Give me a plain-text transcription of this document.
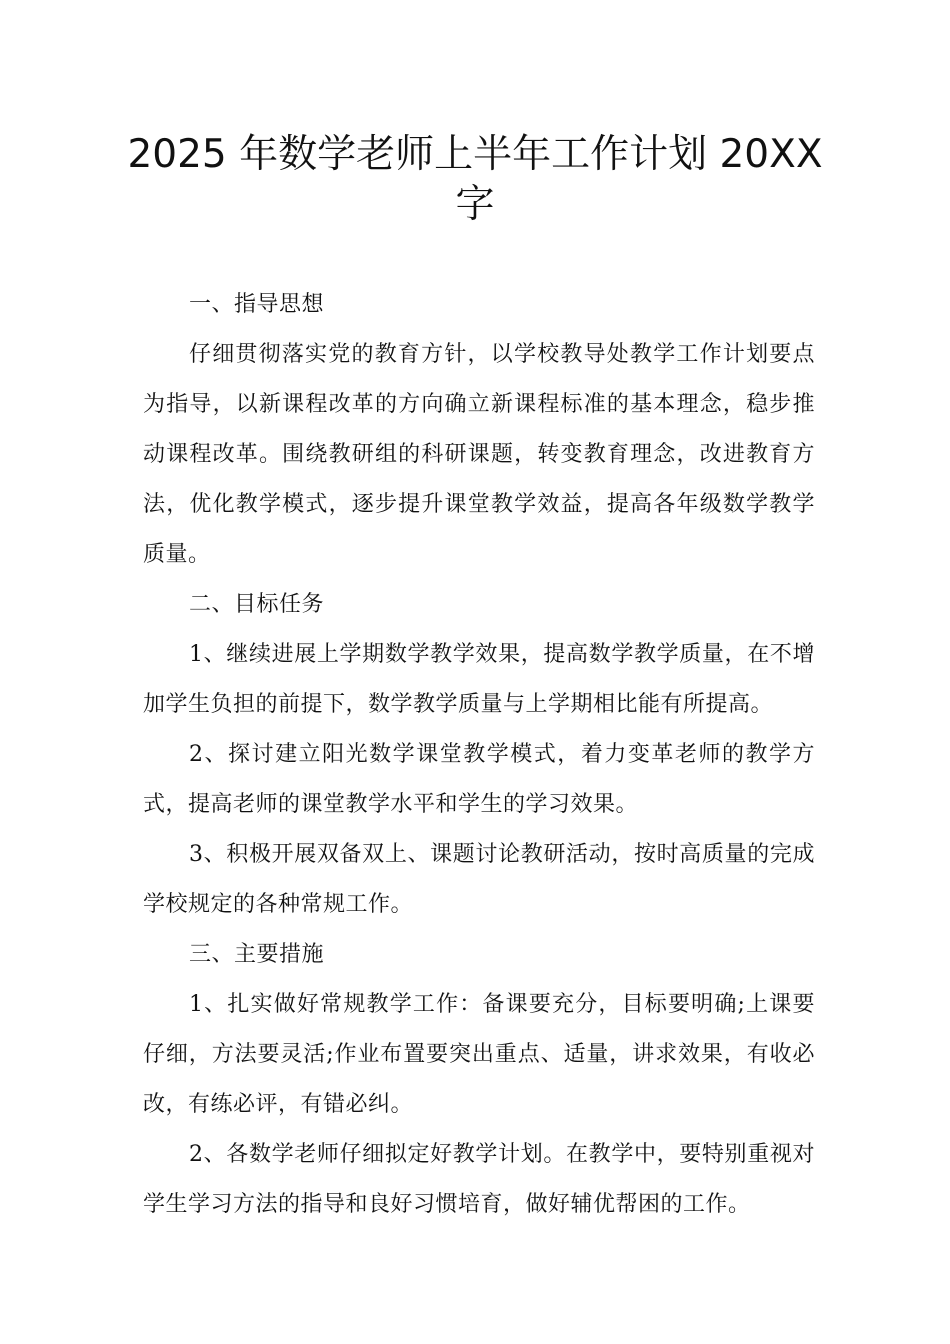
2025 年数学老师上半年工作计划 20XX 字

一、指导思想

仔细贯彻落实党的教育方针，以学校教导处教学工作计划要点为指导，以新课程改革的方向确立新课程标准的基本理念，稳步推动课程改革。围绕教研组的科研课题，转变教育理念，改进教育方法，优化教学模式，逐步提升课堂教学效益，提高各年级数学教学质量。

二、目标任务

1、继续进展上学期数学教学效果，提高数学教学质量，在不增加学生负担的前提下，数学教学质量与上学期相比能有所提高。

2、探讨建立阳光数学课堂教学模式，着力变革老师的教学方式，提高老师的课堂教学水平和学生的学习效果。

3、积极开展双备双上、课题讨论教研活动，按时高质量的完成学校规定的各种常规工作。

三、主要措施

1、扎实做好常规教学工作：备课要充分，目标要明确;上课要仔细，方法要灵活;作业布置要突出重点、适量，讲求效果，有收必改，有练必评，有错必纠。

2、各数学老师仔细拟定好教学计划。在教学中，要特别重视对学生学习方法的指导和良好习惯培育，做好辅优帮困的工作。
